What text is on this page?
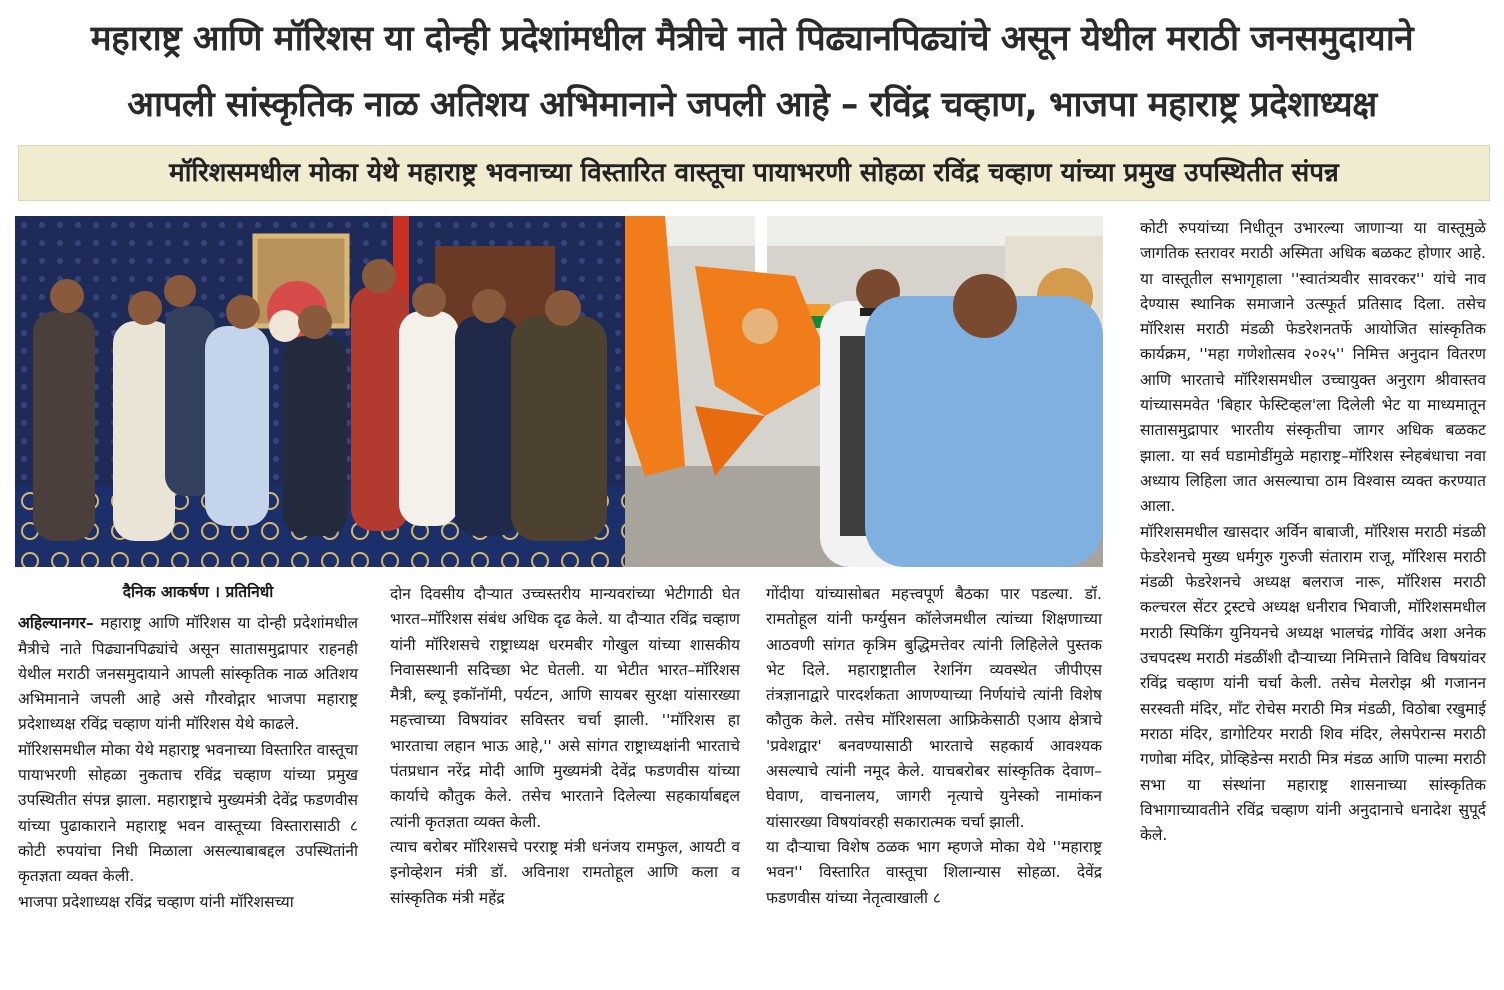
महाराष्ट्र आणि मॉरिशस या दोन्ही प्रदेशांमधील मैत्रीचे नाते पिढ्यानपिढ्यांचे असून येथील मराठी जनसमुदायाने
आपली सांस्कृतिक नाळ अतिशय अभिमानाने जपली आहे – रविंद्र चव्हाण, भाजपा महाराष्ट्र प्रदेशाध्यक्ष
मॉरिशसमधील मोका येथे महाराष्ट्र भवनाच्या विस्तारित वास्तूचा पायाभरणी सोहळा रविंद्र चव्हाण यांच्या प्रमुख उपस्थितीत संपन्न

दैनिक आकर्षण । प्रतिनिधी

अहिल्यानगर– महाराष्ट्र आणि मॉरिशस या दोन्ही प्रदेशांमधील मैत्रीचे नाते पिढ्यानपिढ्यांचे असून सातासमुद्रापार राहनही येथील मराठी जनसमुदायाने आपली सांस्कृतिक नाळ अतिशय अभिमानाने जपली आहे असे गौरवोद्गार भाजपा महाराष्ट्र प्रदेशाध्यक्ष रविंद्र चव्हाण यांनी मॉरिशस येथे काढले.

मॉरिशसमधील मोका येथे महाराष्ट्र भवनाच्या विस्तारित वास्तूचा पायाभरणी सोहळा नुकताच रविंद्र चव्हाण यांच्या प्रमुख उपस्थितीत संपन्न झाला. महाराष्ट्राचे मुख्यमंत्री देवेंद्र फडणवीस यांच्या पुढाकाराने महाराष्ट्र भवन वास्तूच्या विस्तारासाठी ८ कोटी रुपयांचा निधी मिळाला असल्याबाबद्दल उपस्थितांनी कृतज्ञता व्यक्त केली.

भाजपा प्रदेशाध्यक्ष रविंद्र चव्हाण यांनी मॉरिशसच्या

दोन दिवसीय दौऱ्यात उच्चस्तरीय मान्यवरांच्या भेटीगाठी घेत भारत–मॉरिशस संबंध अधिक दृढ केले. या दौऱ्यात रविंद्र चव्हाण यांनी मॉरिशसचे राष्ट्राध्यक्ष धरमबीर गोखुल यांच्या शासकीय निवासस्थानी सदिच्छा भेट घेतली. या भेटीत भारत–मॉरिशस मैत्री, ब्ल्यू इकॉनॉमी, पर्यटन, आणि सायबर सुरक्षा यांसारख्या महत्त्वाच्या विषयांवर सविस्तर चर्चा झाली. ''मॉरिशस हा भारताचा लहान भाऊ आहे,'' असे सांगत राष्ट्राध्यक्षांनी भारताचे पंतप्रधान नरेंद्र मोदी आणि मुख्यमंत्री देवेंद्र फडणवीस यांच्या कार्याचे कौतुक केले. तसेच भारताने दिलेल्या सहकार्याबद्दल त्यांनी कृतज्ञता व्यक्त केली.

त्याच बरोबर मॉरिशसचे परराष्ट्र मंत्री धनंजय रामफुल, आयटी व इनोव्हेशन मंत्री डॉ. अविनाश रामतोहूल आणि कला व सांस्कृतिक मंत्री महेंद्र

गोंदीया यांच्यासोबत महत्त्वपूर्ण बैठका पार पडल्या. डॉ. रामतोहूल यांनी फर्ग्युसन कॉलेजमधील त्यांच्या शिक्षणाच्या आठवणी सांगत कृत्रिम बुद्धिमत्तेवर त्यांनी लिहिलेले पुस्तक भेट दिले. महाराष्ट्रातील रेशनिंग व्यवस्थेत जीपीएस तंत्रज्ञानाद्वारे पारदर्शकता आणण्याच्या निर्णयांचे त्यांनी विशेष कौतुक केले. तसेच मॉरिशसला आफ्रिकेसाठी एआय क्षेत्राचे 'प्रवेशद्वार' बनवण्यासाठी भारताचे सहकार्य आवश्यक असल्याचे त्यांनी नमूद केले. याचबरोबर सांस्कृतिक देवाण–घेवाण, वाचनालय, जागरी नृत्याचे युनेस्को नामांकन यांसारख्या विषयांवरही सकारात्मक चर्चा झाली.

या दौऱ्याचा विशेष ठळक भाग म्हणजे मोका येथे ''महाराष्ट्र भवन'' विस्तारित वास्तूचा शिलान्यास सोहळा. देवेंद्र फडणवीस यांच्या नेतृत्वाखाली ८

कोटी रुपयांच्या निधीतून उभारल्या जाणाऱ्या या वास्तूमुळे जागतिक स्तरावर मराठी अस्मिता अधिक बळकट होणार आहे. या वास्तूतील सभागृहाला ''स्वातंत्र्यवीर सावरकर'' यांचे नाव देण्यास स्थानिक समाजाने उत्स्फूर्त प्रतिसाद दिला. तसेच मॉरिशस मराठी मंडळी फेडरेशनतर्फे आयोजित सांस्कृतिक कार्यक्रम, ''महा गणेशोत्सव २०२५'' निमित्त अनुदान वितरण आणि भारताचे मॉरिशसमधील उच्चायुक्त अनुराग श्रीवास्तव यांच्यासमवेत 'बिहार फेस्टिव्हल'ला दिलेली भेट या माध्यमातून सातासमुद्रापार भारतीय संस्कृतीचा जागर अधिक बळकट झाला. या सर्व घडामोडींमुळे महाराष्ट्र–मॉरिशस स्नेहबंधाचा नवा अध्याय लिहिला जात असल्याचा ठाम विश्वास व्यक्त करण्यात आला.

मॉरिशसमधील खासदार अर्विन बाबाजी, मॉरिशस मराठी मंडळी फेडरेशनचे मुख्य धर्मगुरु गुरुजी संताराम राजू, मॉरिशस मराठी मंडळी फेडरेशनचे अध्यक्ष बलराज नारू, मॉरिशस मराठी कल्चरल सेंटर ट्रस्टचे अध्यक्ष धनीराव भिवाजी, मॉरिशसमधील मराठी स्पिकिंग युनियनचे अध्यक्ष भालचंद्र गोविंद अशा अनेक उचपदस्थ मराठी मंडळींशी दौऱ्याच्या निमित्ताने विविध विषयांवर रविंद्र चव्हाण यांनी चर्चा केली. तसेच मेलरोझ श्री गजानन सरस्वती मंदिर, मॉंट रोचेस मराठी मित्र मंडळी, विठोबा रखुमाई मराठा मंदिर, डागोटियर मराठी शिव मंदिर, लेसपेरान्स मराठी गणोबा मंदिर, प्रोव्हिडेन्स मराठी मित्र मंडळ आणि पाल्मा मराठी सभा या संस्थांना महाराष्ट्र शासनाच्या सांस्कृतिक विभागाच्यावतीने रविंद्र चव्हाण यांनी अनुदानाचे धनादेश सुपूर्द केले.
